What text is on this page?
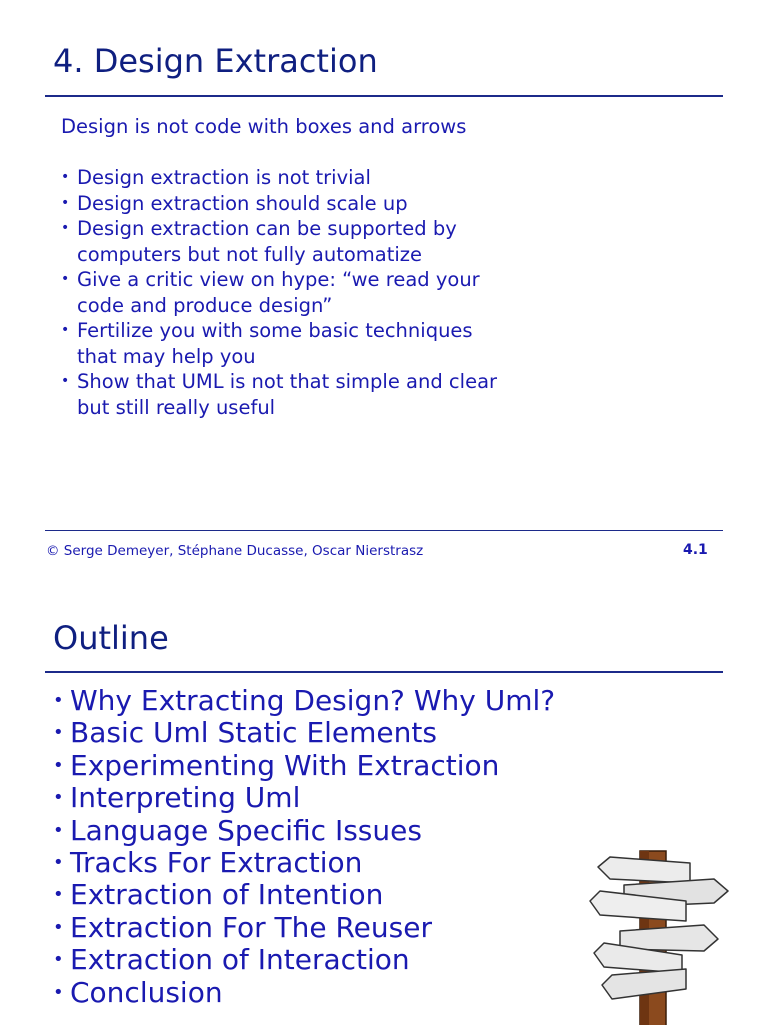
4. Design Extraction
Design is not code with boxes and arrows
• Design extraction is not trivial
• Design extraction should scale up
• Design extraction can be supported by computers but not fully automatize
• Give a critic view on hype: “we read your code and produce design”
• Fertilize you with some basic techniques that may help you
• Show that UML is not that simple and clear but still really useful
© Serge Demeyer, Stéphane Ducasse, Oscar Nierstrasz	4.1
Outline
• Why Extracting Design? Why Uml?
• Basic Uml Static Elements
• Experimenting With Extraction
• Interpreting Uml
• Language Specific Issues
• Tracks For Extraction
• Extraction of Intention
• Extraction For The Reuser
• Extraction of Interaction
• Conclusion
